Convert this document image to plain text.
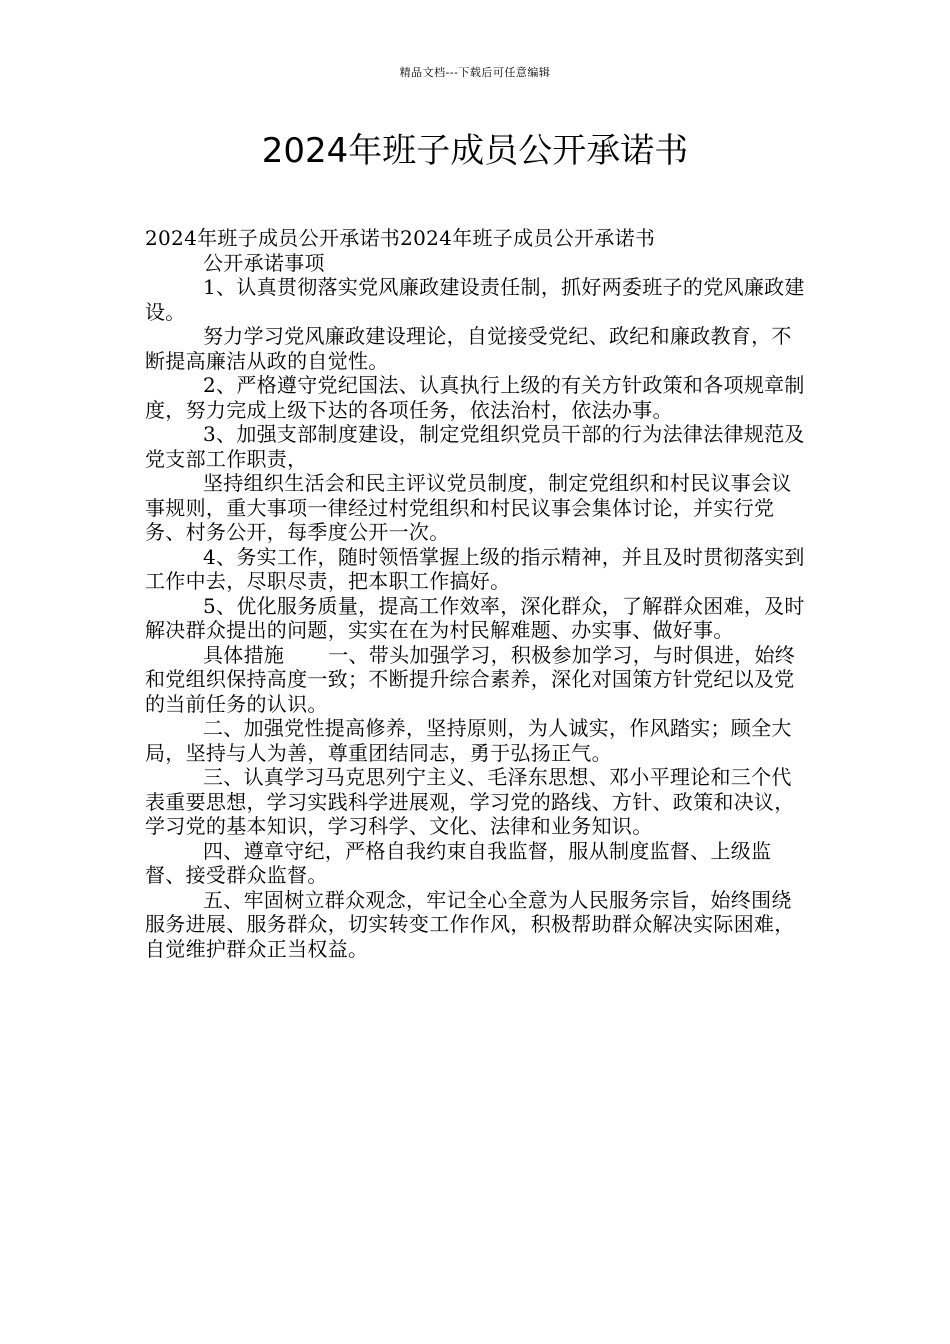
精品文档---下载后可任意编辑
2024年班子成员公开承诺书

2024年班子成员公开承诺书2024年班子成员公开承诺书

公开承诺事项

1、认真贯彻落实党风廉政建设责任制，抓好两委班子的党风廉政建设。

努力学习党风廉政建设理论，自觉接受党纪、政纪和廉政教育，不断提高廉洁从政的自觉性。

2、严格遵守党纪国法、认真执行上级的有关方针政策和各项规章制度，努力完成上级下达的各项任务，依法治村，依法办事。

3、加强支部制度建设，制定党组织党员干部的行为法律法律规范及党支部工作职责，

坚持组织生活会和民主评议党员制度，制定党组织和村民议事会议事规则，重大事项一律经过村党组织和村民议事会集体讨论，并实行党务、村务公开，每季度公开一次。

4、务实工作，随时领悟掌握上级的指示精神，并且及时贯彻落实到工作中去，尽职尽责，把本职工作搞好。

5、优化服务质量，提高工作效率，深化群众，了解群众困难，及时解决群众提出的问题，实实在在为村民解难题、办实事、做好事。

具体措施 一、带头加强学习，积极参加学习，与时俱进，始终和党组织保持高度一致；不断提升综合素养，深化对国策方针党纪以及党的当前任务的认识。

二、加强党性提高修养，坚持原则，为人诚实，作风踏实；顾全大局，坚持与人为善，尊重团结同志，勇于弘扬正气。

三、认真学习马克思列宁主义、毛泽东思想、邓小平理论和三个代表重要思想，学习实践科学进展观，学习党的路线、方针、政策和决议，学习党的基本知识，学习科学、文化、法律和业务知识。

四、遵章守纪，严格自我约束自我监督，服从制度监督、上级监督、接受群众监督。

五、牢固树立群众观念，牢记全心全意为人民服务宗旨，始终围绕服务进展、服务群众，切实转变工作作风，积极帮助群众解决实际困难，自觉维护群众正当权益。
